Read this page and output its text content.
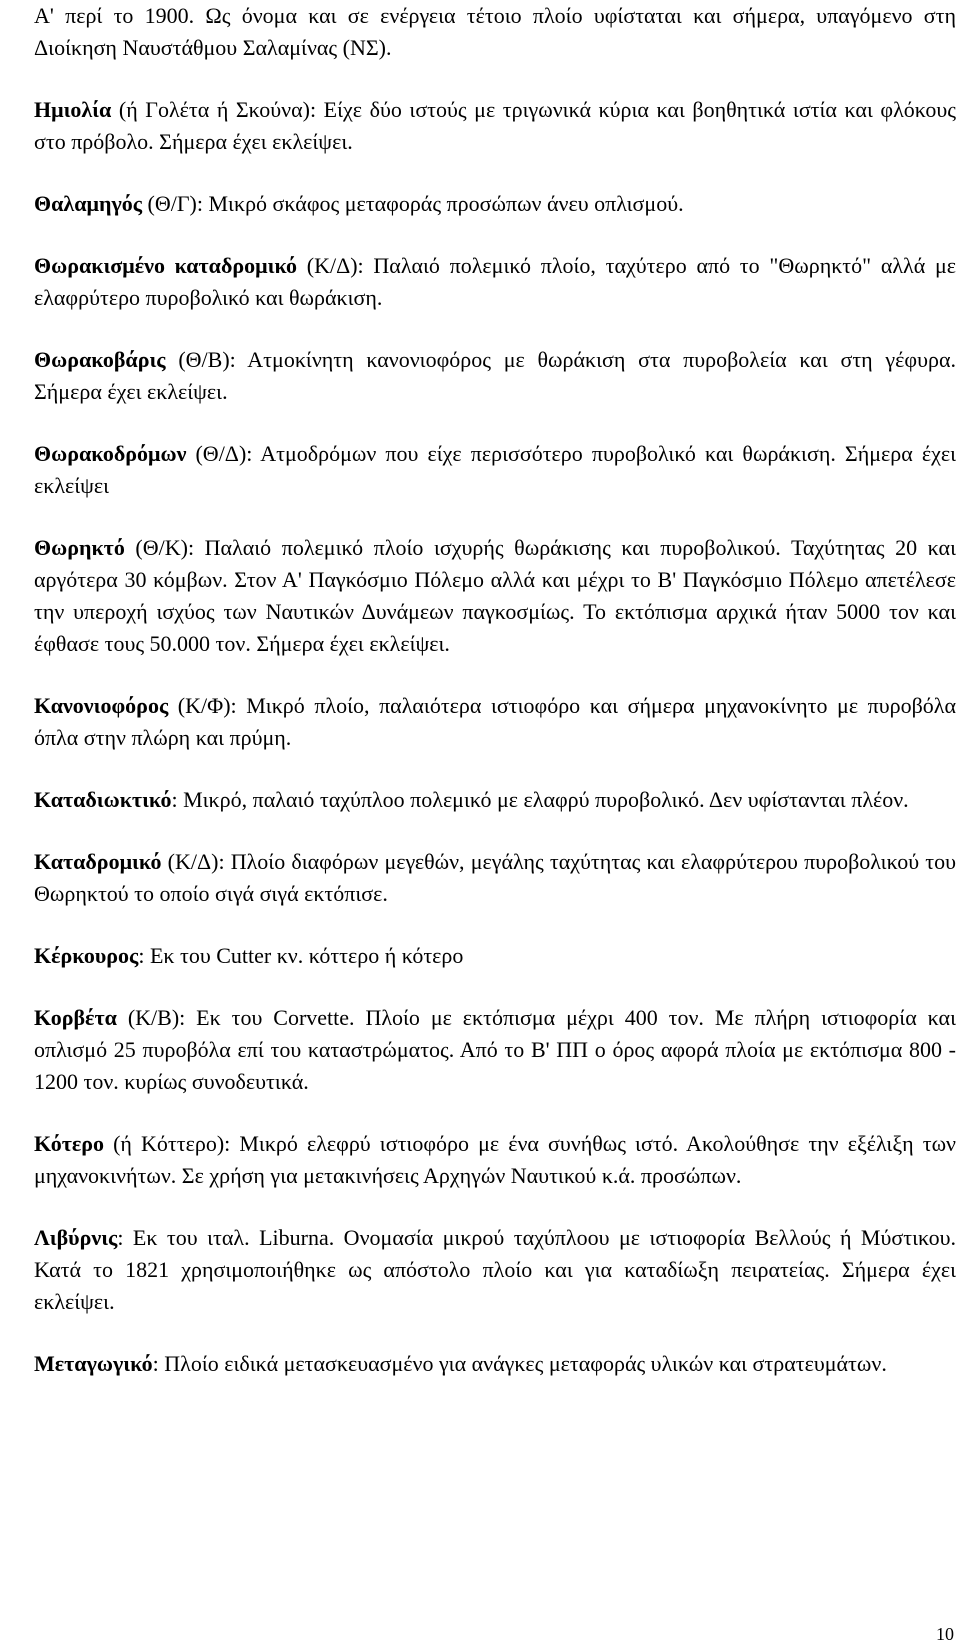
Α' περί το 1900. Ως όνομα και σε ενέργεια τέτοιο πλοίο υφίσταται και σήμερα, υπαγόμενο στη Διοίκηση Ναυστάθμου Σαλαμίνας (ΝΣ).

Ημιολία (ή Γολέτα ή Σκούνα): Είχε δύο ιστούς με τριγωνικά κύρια και βοηθητικά ιστία και φλόκους στο πρόβολο. Σήμερα έχει εκλείψει.

Θαλαμηγός (Θ/Γ): Μικρό σκάφος μεταφοράς προσώπων άνευ οπλισμού.

Θωρακισμένο καταδρομικό (Κ/Δ): Παλαιό πολεμικό πλοίο, ταχύτερο από το "Θωρηκτό" αλλά με ελαφρύτερο πυροβολικό και θωράκιση.

Θωρακοβάρις (Θ/Β): Ατμοκίνητη κανονιοφόρος με θωράκιση στα πυροβολεία και στη γέφυρα. Σήμερα έχει εκλείψει.

Θωρακοδρόμων (Θ/Δ): Ατμοδρόμων που είχε περισσότερο πυροβολικό και θωράκιση. Σήμερα έχει εκλείψει

Θωρηκτό (Θ/Κ): Παλαιό πολεμικό πλοίο ισχυρής θωράκισης και πυροβολικού. Ταχύτητας 20 και αργότερα 30 κόμβων. Στον Α' Παγκόσμιο Πόλεμο αλλά και μέχρι το Β' Παγκόσμιο Πόλεμο απετέλεσε την υπεροχή ισχύος των Ναυτικών Δυνάμεων παγκοσμίως. Το εκτόπισμα αρχικά ήταν 5000 τον και έφθασε τους 50.000 τον. Σήμερα έχει εκλείψει.

Κανονιοφόρος (Κ/Φ): Μικρό πλοίο, παλαιότερα ιστιοφόρο και σήμερα μηχανοκίνητο με πυροβόλα όπλα στην πλώρη και πρύμη.

Καταδιωκτικό: Μικρό, παλαιό ταχύπλοο πολεμικό με ελαφρύ πυροβολικό. Δεν υφίστανται πλέον.

Καταδρομικό (Κ/Δ): Πλοίο διαφόρων μεγεθών, μεγάλης ταχύτητας και ελαφρύτερου πυροβολικού του Θωρηκτού το οποίο σιγά σιγά εκτόπισε.

Κέρκουρος: Εκ του Cutter κν. κόττερο ή κότερο

Κορβέτα (Κ/Β): Εκ του Corvette. Πλοίο με εκτόπισμα μέχρι 400 τον. Με πλήρη ιστιοφορία και οπλισμό 25 πυροβόλα επί του καταστρώματος. Από το Β' ΠΠ ο όρος αφορά πλοία με εκτόπισμα 800 - 1200 τον. κυρίως συνοδευτικά.

Κότερο (ή Κόττερο): Μικρό ελεφρύ ιστιοφόρο με ένα συνήθως ιστό. Ακολούθησε την εξέλιξη των μηχανοκινήτων. Σε χρήση για μετακινήσεις Αρχηγών Ναυτικού κ.ά. προσώπων.

Λιβύρνις: Εκ του ιταλ. Liburna. Ονομασία μικρού ταχύπλοου με ιστιοφορία Βελλούς ή Μύστικου. Κατά το 1821 χρησιμοποιήθηκε ως απόστολο πλοίο και για καταδίωξη πειρατείας. Σήμερα έχει εκλείψει.

Μεταγωγικό: Πλοίο ειδικά μετασκευασμένο για ανάγκες μεταφοράς υλικών και στρατευμάτων.

10
